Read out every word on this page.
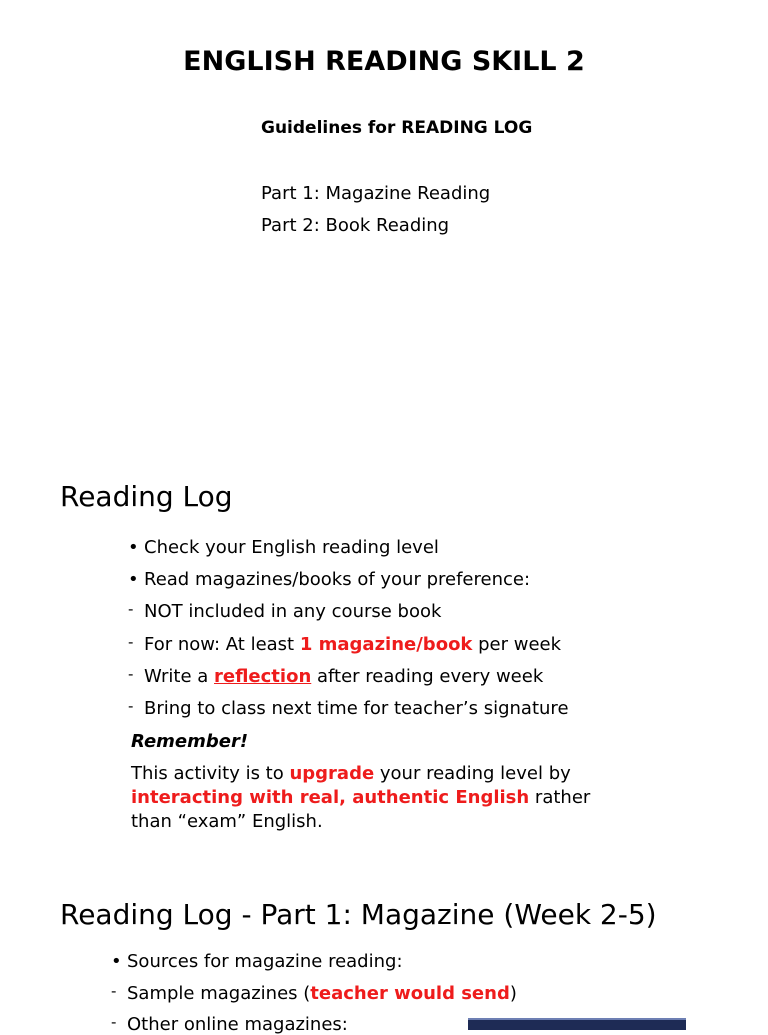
ENGLISH READING SKILL 2
Guidelines for READING LOG
Part 1: Magazine Reading
Part 2: Book Reading
Reading Log
• Check your English reading level
• Read magazines/books of your preference:
- NOT included in any course book
- For now: At least 1 magazine/book per week
- Write a reflection after reading every week
- Bring to class next time for teacher’s signature
Remember!
This activity is to upgrade your reading level by interacting with real, authentic English rather than “exam” English.
Reading Log - Part 1: Magazine (Week 2-5)
• Sources for magazine reading:
- Sample magazines (teacher would send)
- Other online magazines:
